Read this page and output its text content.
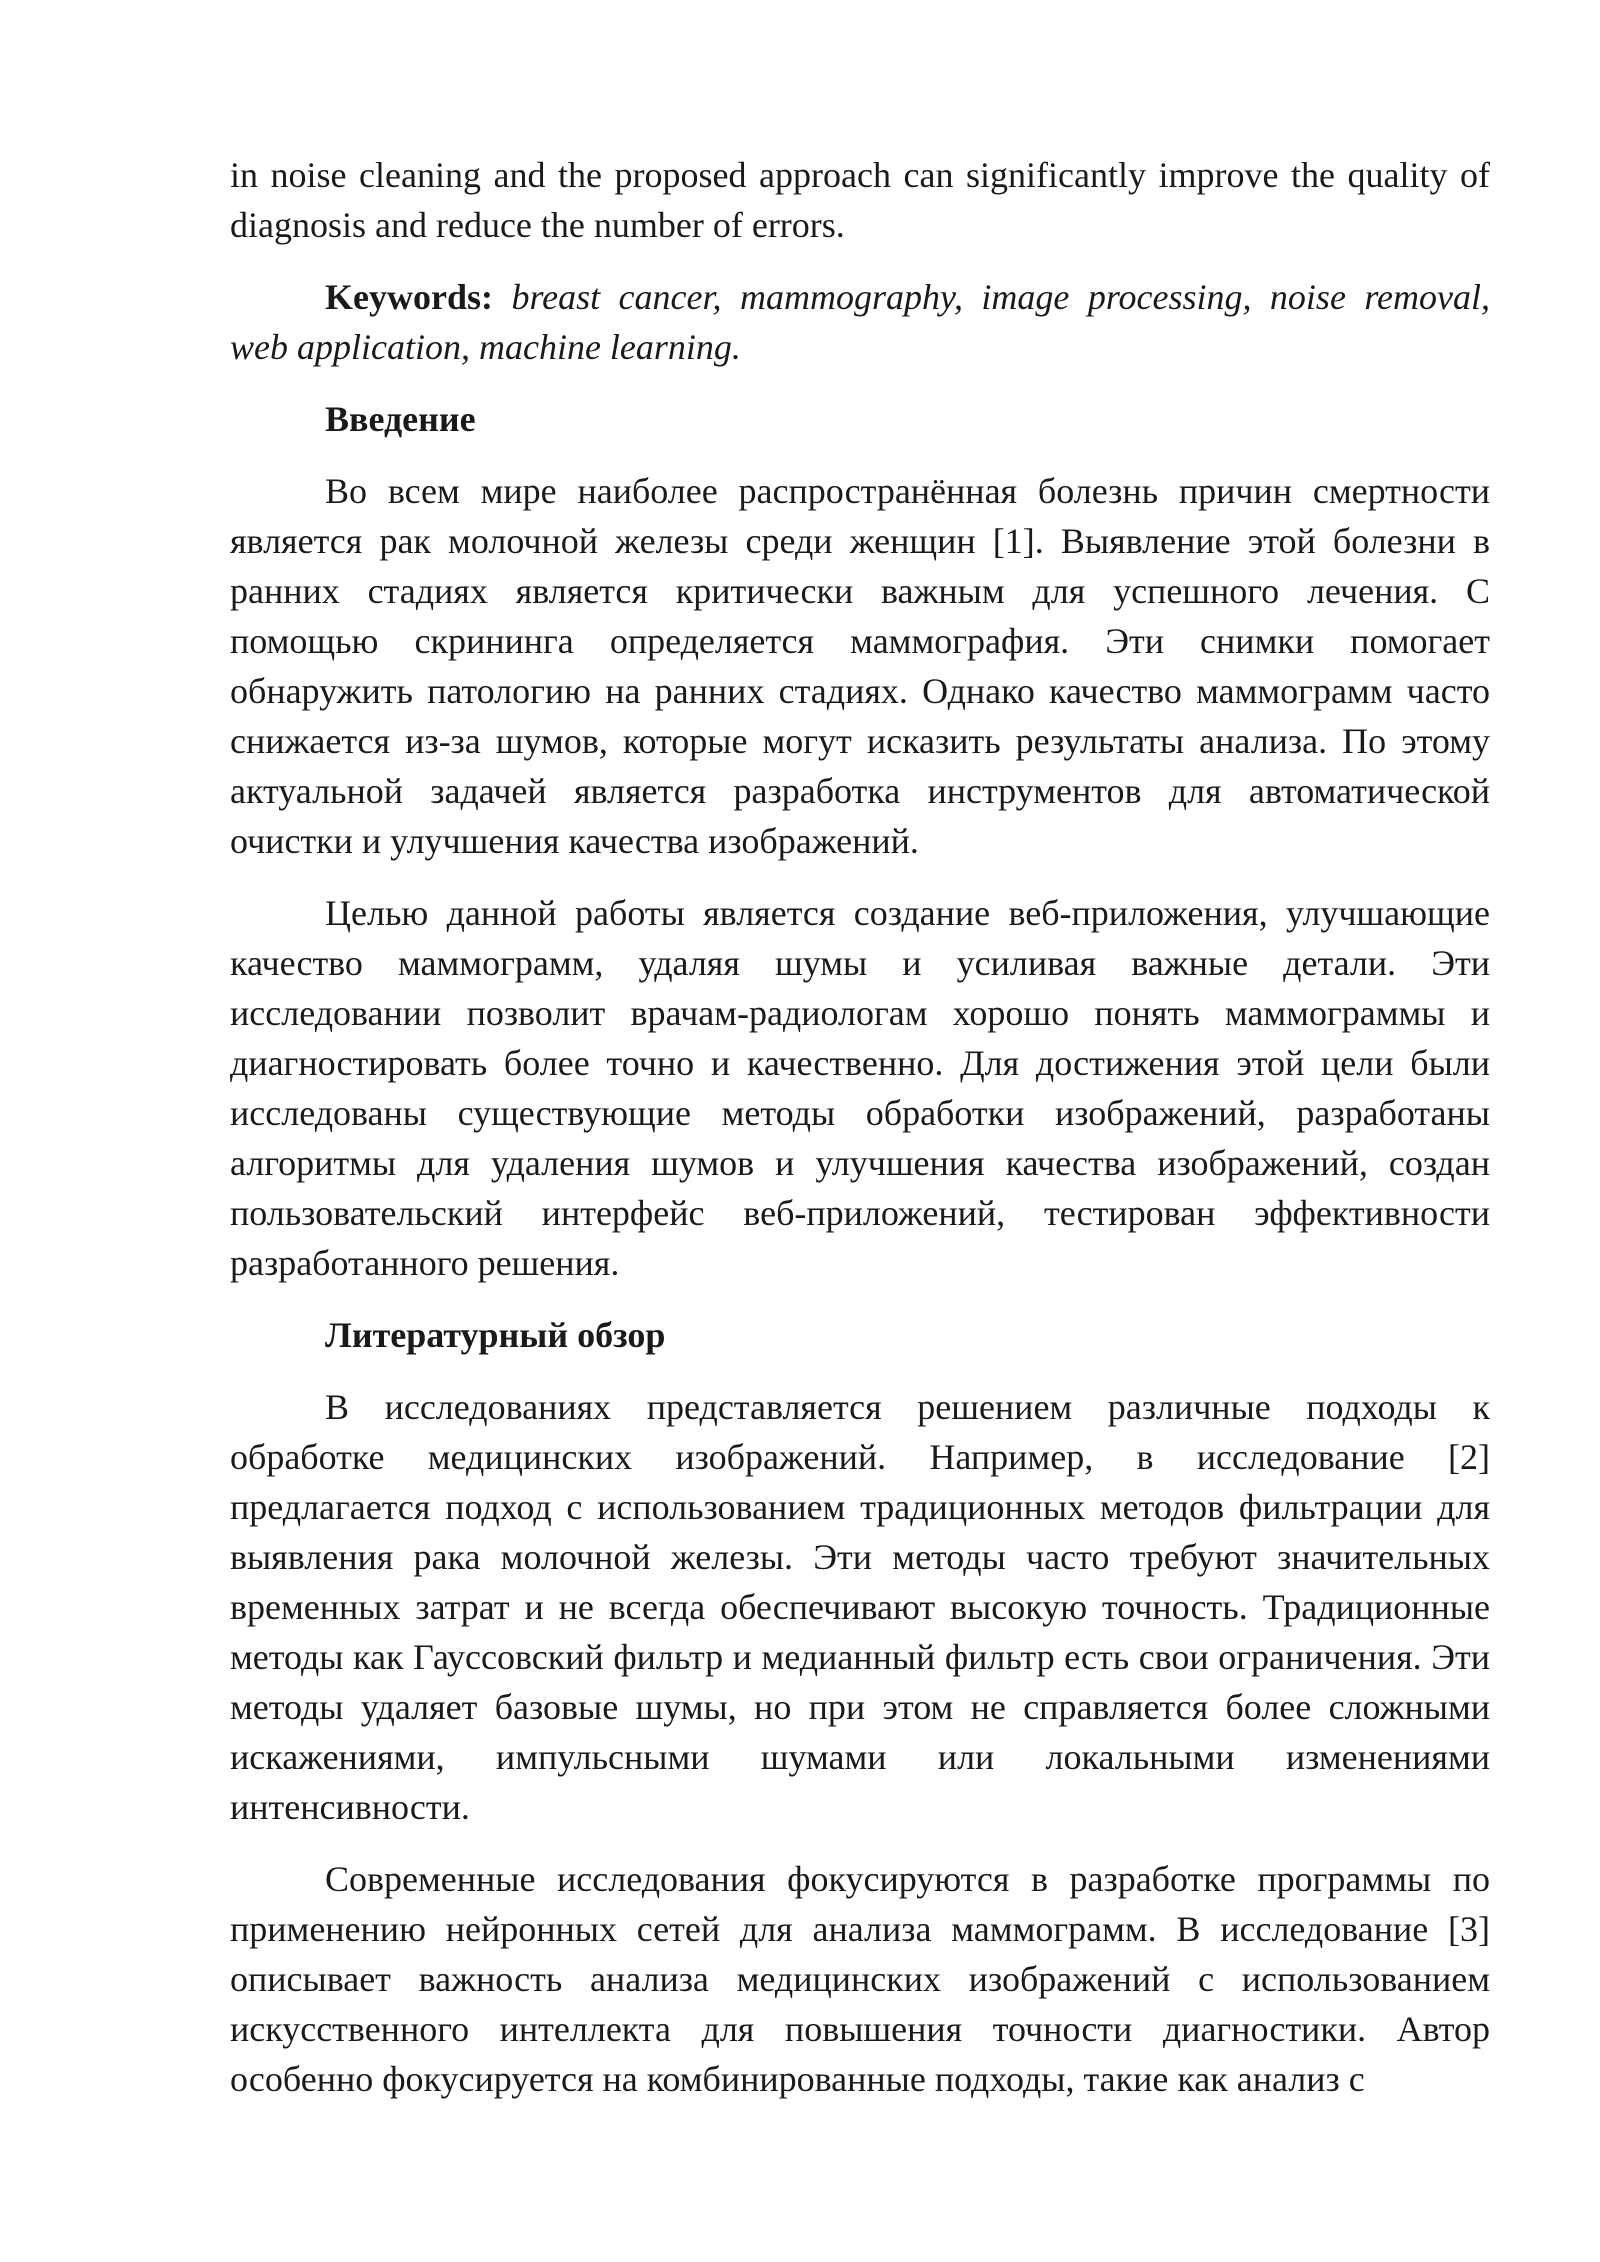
in noise cleaning and the proposed approach can significantly improve the quality of diagnosis and reduce the number of errors.

Keywords: breast cancer, mammography, image processing, noise removal, web application, machine learning.

Введение

Во всем мире наиболее распространённая болезнь причин смертности является рак молочной железы среди женщин [1]. Выявление этой болезни в ранних стадиях является критически важным для успешного лечения. С помощью скрининга определяется маммография. Эти снимки помогает обнаружить патологию на ранних стадиях. Однако качество маммограмм часто снижается из-за шумов, которые могут исказить результаты анализа. По этому актуальной задачей является разработка инструментов для автоматической очистки и улучшения качества изображений.

Целью данной работы является создание веб-приложения, улучшающие качество маммограмм, удаляя шумы и усиливая важные детали. Эти исследовании позволит врачам-радиологам хорошо понять маммограммы и диагностировать более точно и качественно. Для достижения этой цели были исследованы существующие методы обработки изображений, разработаны алгоритмы для удаления шумов и улучшения качества изображений, создан пользовательский интерфейс веб-приложений, тестирован эффективности разработанного решения.

Литературный обзор

В исследованиях представляется решением различные подходы к обработке медицинских изображений. Например, в исследование [2] предлагается подход с использованием традиционных методов фильтрации для выявления рака молочной железы. Эти методы часто требуют значительных временных затрат и не всегда обеспечивают высокую точность. Традиционные методы как Гауссовский фильтр и медианный фильтр есть свои ограничения. Эти методы удаляет базовые шумы, но при этом не справляется более сложными искажениями, импульсными шумами или локальными изменениями интенсивности.

Современные исследования фокусируются в разработке программы по применению нейронных сетей для анализа маммограмм. В исследование [3] описывает важность анализа медицинских изображений с использованием искусственного интеллекта для повышения точности диагностики. Автор особенно фокусируется на комбинированные подходы, такие как анализ с
